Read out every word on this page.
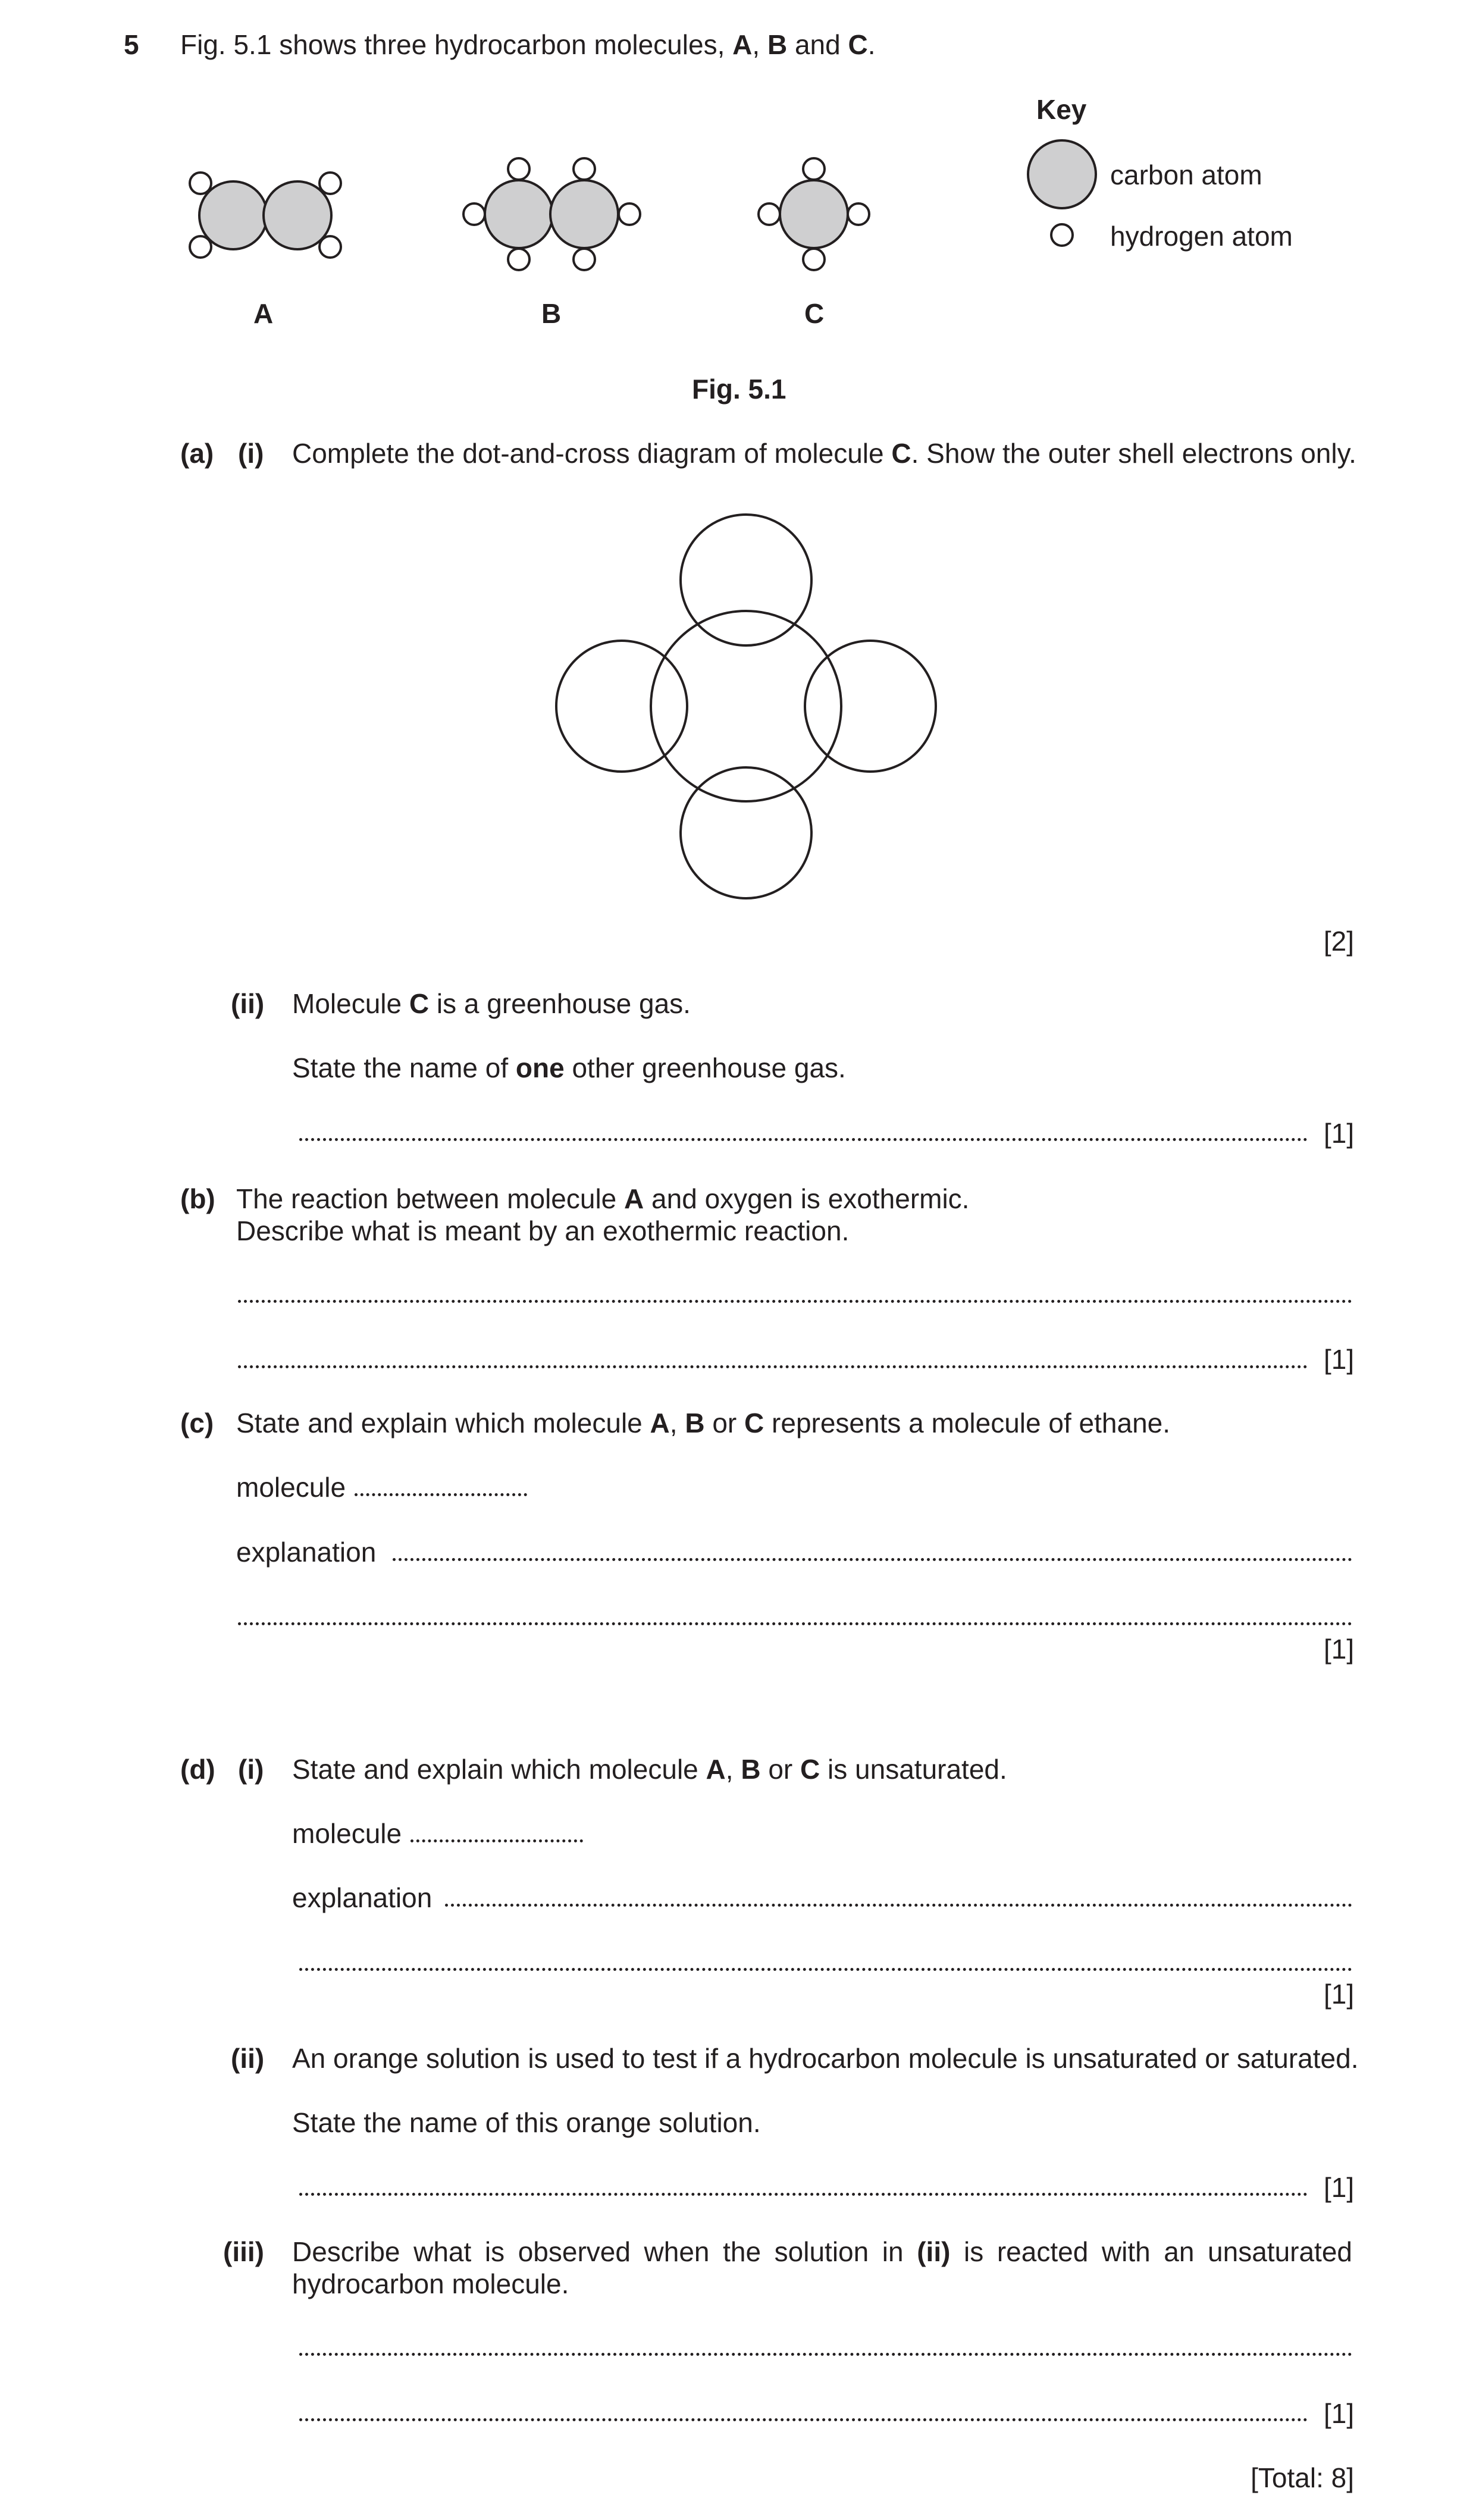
5 Fig. 5.1 shows three hydrocarbon molecules, A, B and C.
A	B	C
Key
carbon atom
hydrogen atom
Fig. 5.1
(a) (i) Complete the dot-and-cross diagram of molecule C. Show the outer shell electrons only.
[2]
(ii) Molecule C is a greenhouse gas.
State the name of one other greenhouse gas.
[1]
(b) The reaction between molecule A and oxygen is exothermic.
Describe what is meant by an exothermic reaction.
[1]
(c) State and explain which molecule A, B or C represents a molecule of ethane.
molecule
explanation
[1]
(d) (i) State and explain which molecule A, B or C is unsaturated.
molecule
explanation
[1]
(ii) An orange solution is used to test if a hydrocarbon molecule is unsaturated or saturated.
State the name of this orange solution.
[1]
(iii) Describe what is observed when the solution in (ii) is reacted with an unsaturated
hydrocarbon molecule.
[1]
[Total: 8]
